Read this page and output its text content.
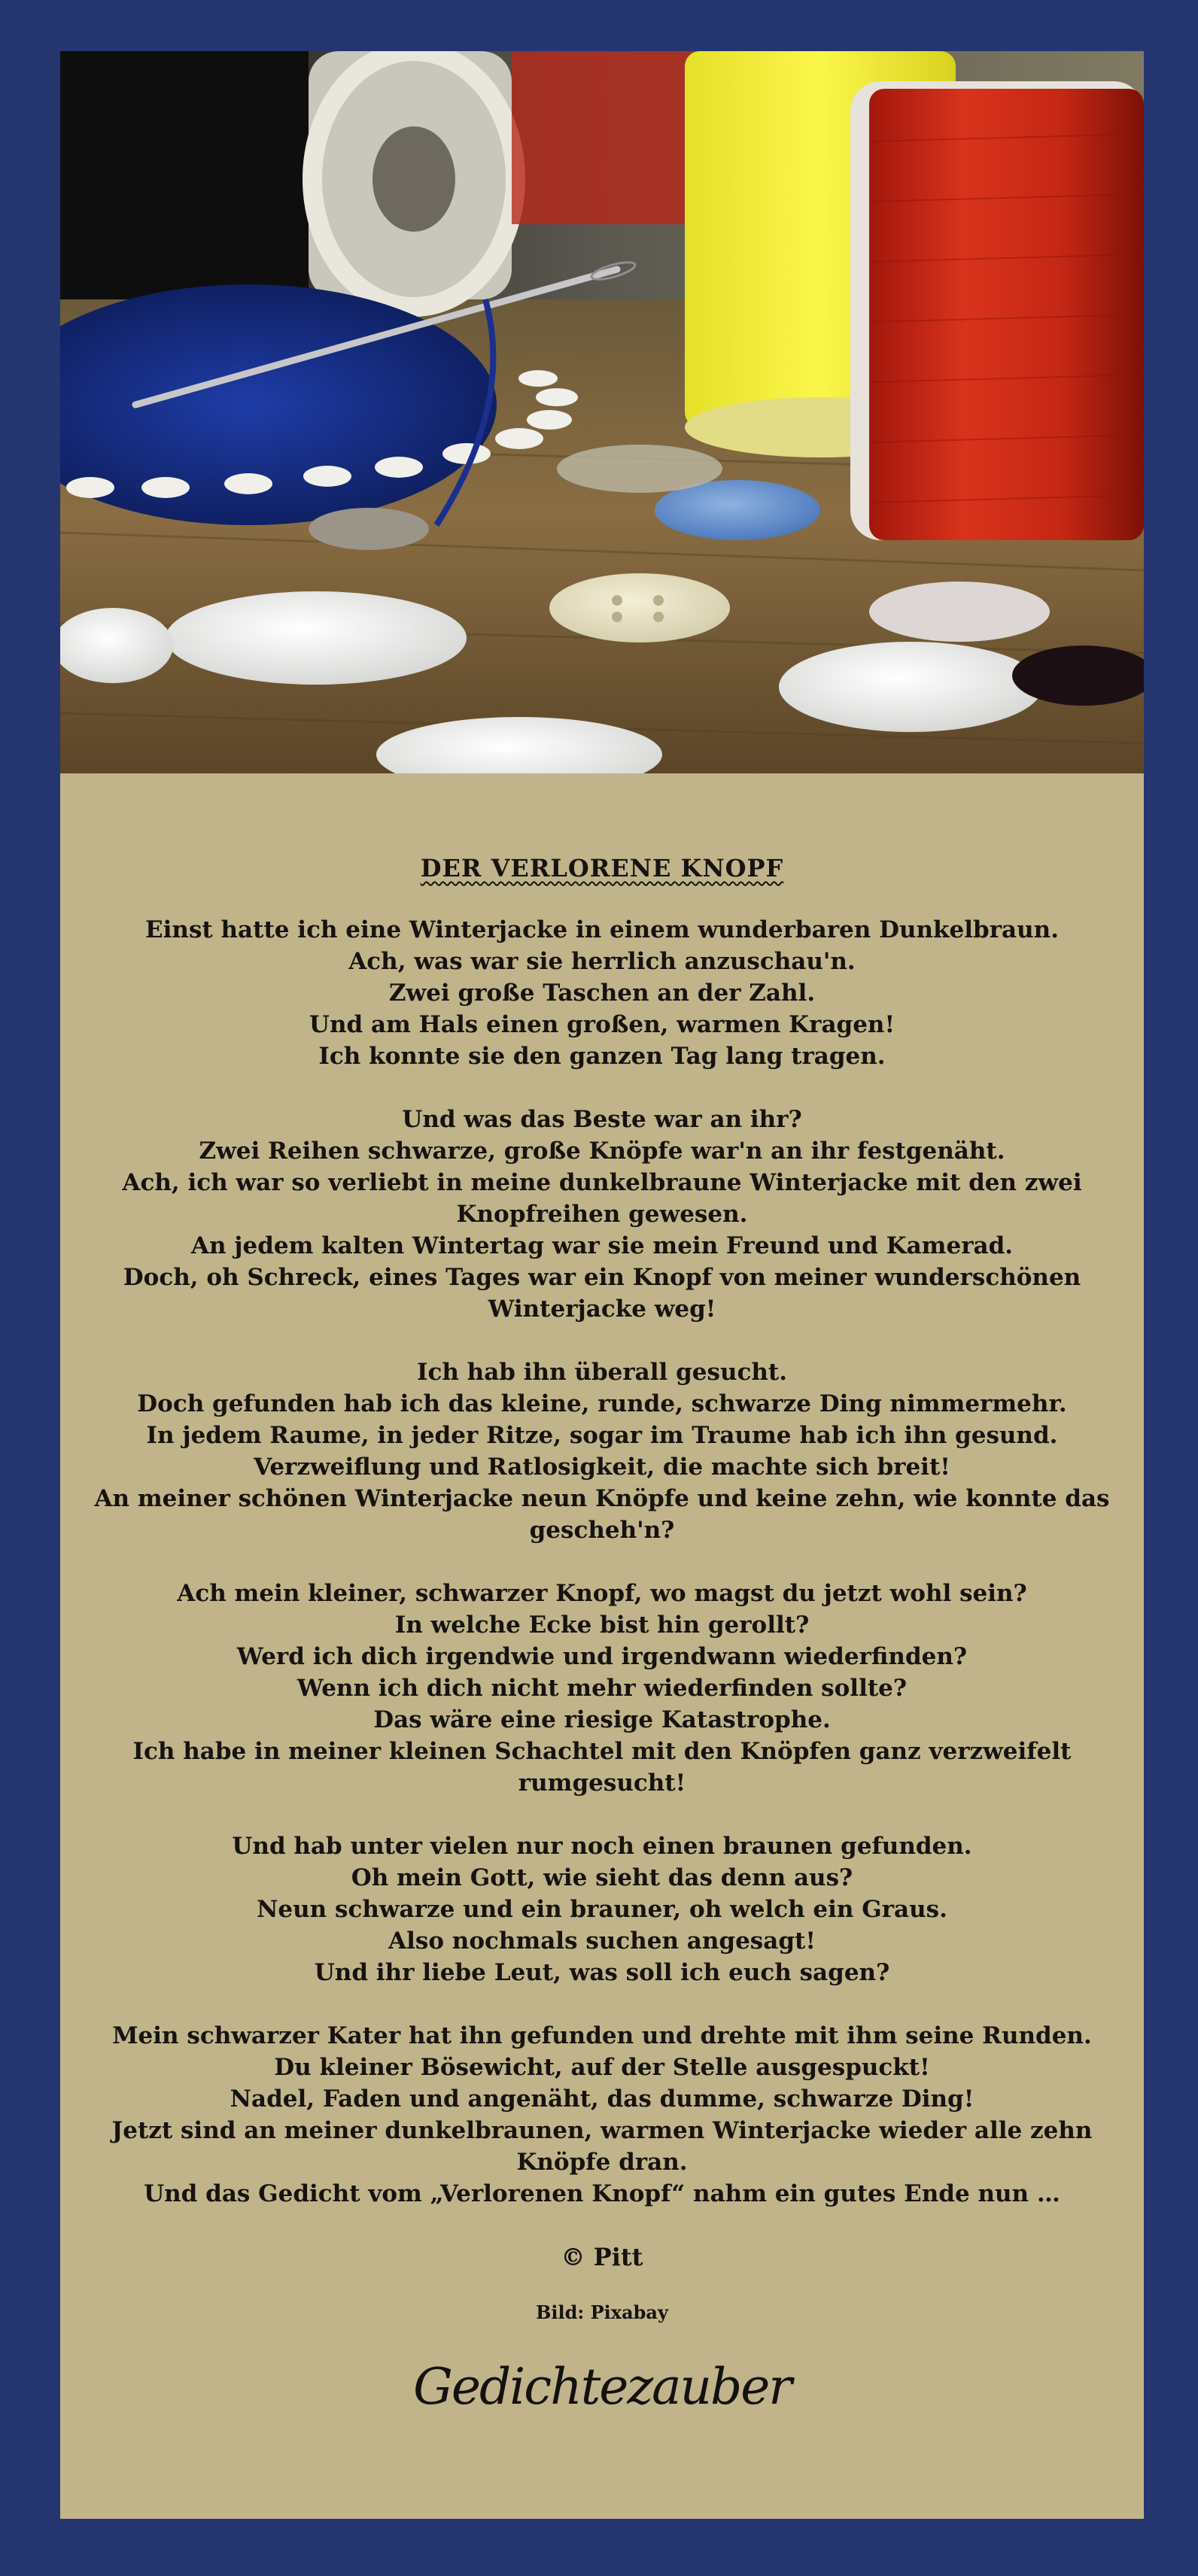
DER VERLORENE KNOPF
Einst hatte ich eine Winterjacke in einem wunderbaren Dunkelbraun.
Ach, was war sie herrlich anzuschau'n.
Zwei große Taschen an der Zahl.
Und am Hals einen großen, warmen Kragen!
Ich konnte sie den ganzen Tag lang tragen.
Und was das Beste war an ihr?
Zwei Reihen schwarze, große Knöpfe war'n an ihr festgenäht.
Ach, ich war so verliebt in meine dunkelbraune Winterjacke mit den zwei Knopfreihen gewesen.
An jedem kalten Wintertag war sie mein Freund und Kamerad.
Doch, oh Schreck, eines Tages war ein Knopf von meiner wunderschönen Winterjacke weg!
Ich hab ihn überall gesucht.
Doch gefunden hab ich das kleine, runde, schwarze Ding nimmermehr.
In jedem Raume, in jeder Ritze, sogar im Traume hab ich ihn gesund.
Verzweiflung und Ratlosigkeit, die machte sich breit!
An meiner schönen Winterjacke neun Knöpfe und keine zehn, wie konnte das gescheh'n?
Ach mein kleiner, schwarzer Knopf, wo magst du jetzt wohl sein?
In welche Ecke bist hin gerollt?
Werd ich dich irgendwie und irgendwann wiederfinden?
Wenn ich dich nicht mehr wiederfinden sollte?
Das wäre eine riesige Katastrophe.
Ich habe in meiner kleinen Schachtel mit den Knöpfen ganz verzweifelt rumgesucht!
Und hab unter vielen nur noch einen braunen gefunden.
Oh mein Gott, wie sieht das denn aus?
Neun schwarze und ein brauner, oh welch ein Graus.
Also nochmals suchen angesagt!
Und ihr liebe Leut, was soll ich euch sagen?
Mein schwarzer Kater hat ihn gefunden und drehte mit ihm seine Runden.
Du kleiner Bösewicht, auf der Stelle ausgespuckt!
Nadel, Faden und angenäht, das dumme, schwarze Ding!
Jetzt sind an meiner dunkelbraunen, warmen Winterjacke wieder alle zehn Knöpfe dran.
Und das Gedicht vom „Verlorenen Knopf“ nahm ein gutes Ende nun …
© Pitt
Bild: Pixabay
Gedichtezauber
